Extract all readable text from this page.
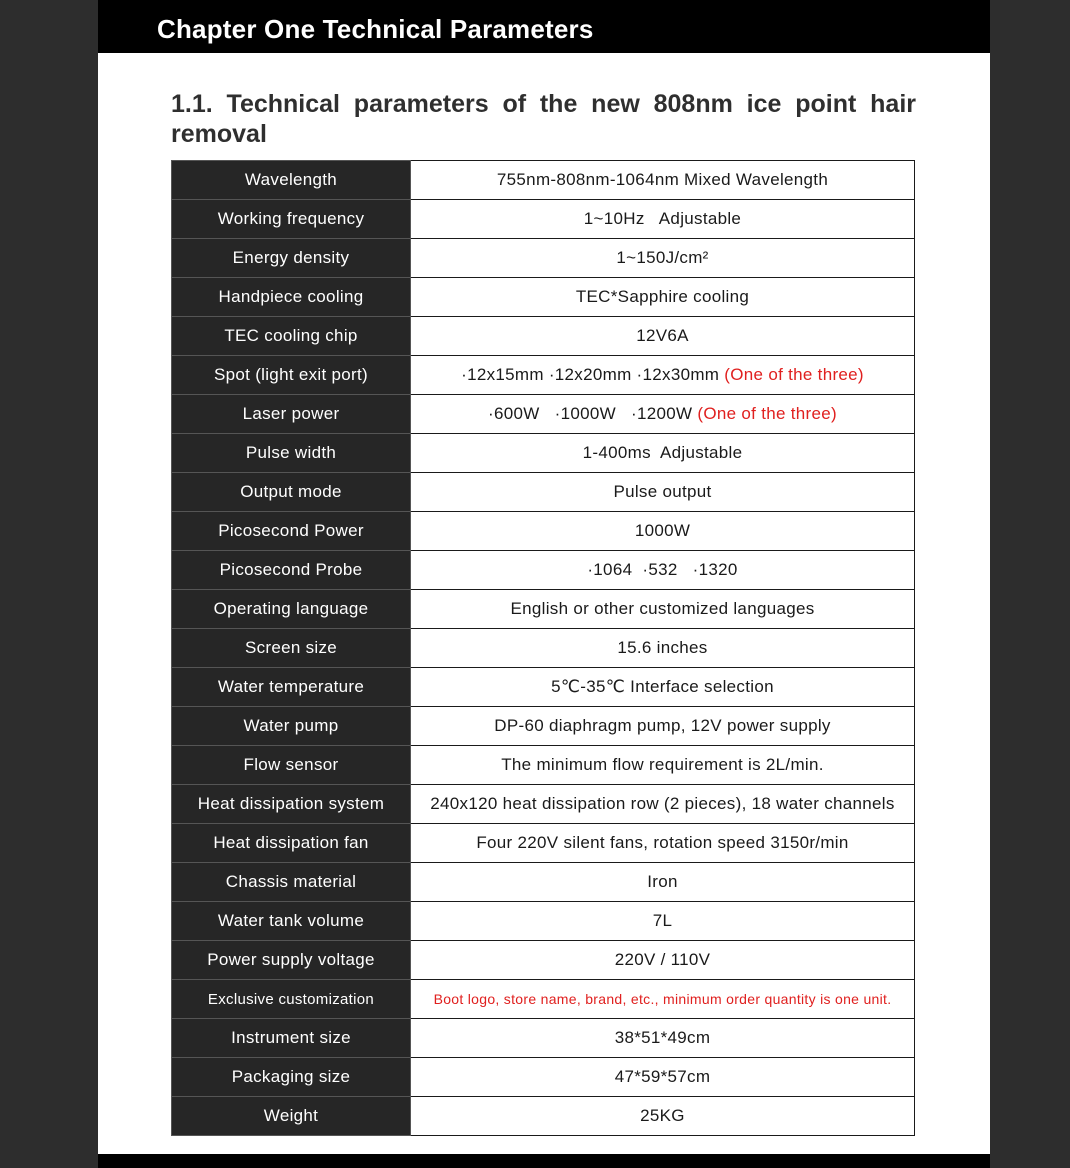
Chapter One Technical Parameters
1.1. Technical parameters of the new 808nm ice point hair removal
Wavelength	755nm-808nm-1064nm Mixed Wavelength
Working frequency	1~10Hz   Adjustable
Energy density	1~150J/cm²
Handpiece cooling	TEC*Sapphire cooling
TEC cooling chip	12V6A
Spot (light exit port)	·12x15mm ·12x20mm ·12x30mm (One of the three)
Laser power	·600W   ·1000W   ·1200W (One of the three)
Pulse width	1-400ms  Adjustable
Output mode	Pulse output
Picosecond Power	1000W
Picosecond Probe	·1064  ·532   ·1320
Operating language	English or other customized languages
Screen size	15.6 inches
Water temperature	5℃-35℃ Interface selection
Water pump	DP-60 diaphragm pump, 12V power supply
Flow sensor	The minimum flow requirement is 2L/min.
Heat dissipation system	240x120 heat dissipation row (2 pieces), 18 water channels
Heat dissipation fan	Four 220V silent fans, rotation speed 3150r/min
Chassis material	Iron
Water tank volume	7L
Power supply voltage	220V / 110V
Exclusive customization	Boot logo, store name, brand, etc., minimum order quantity is one unit.
Instrument size	38*51*49cm
Packaging size	47*59*57cm
Weight	25KG
